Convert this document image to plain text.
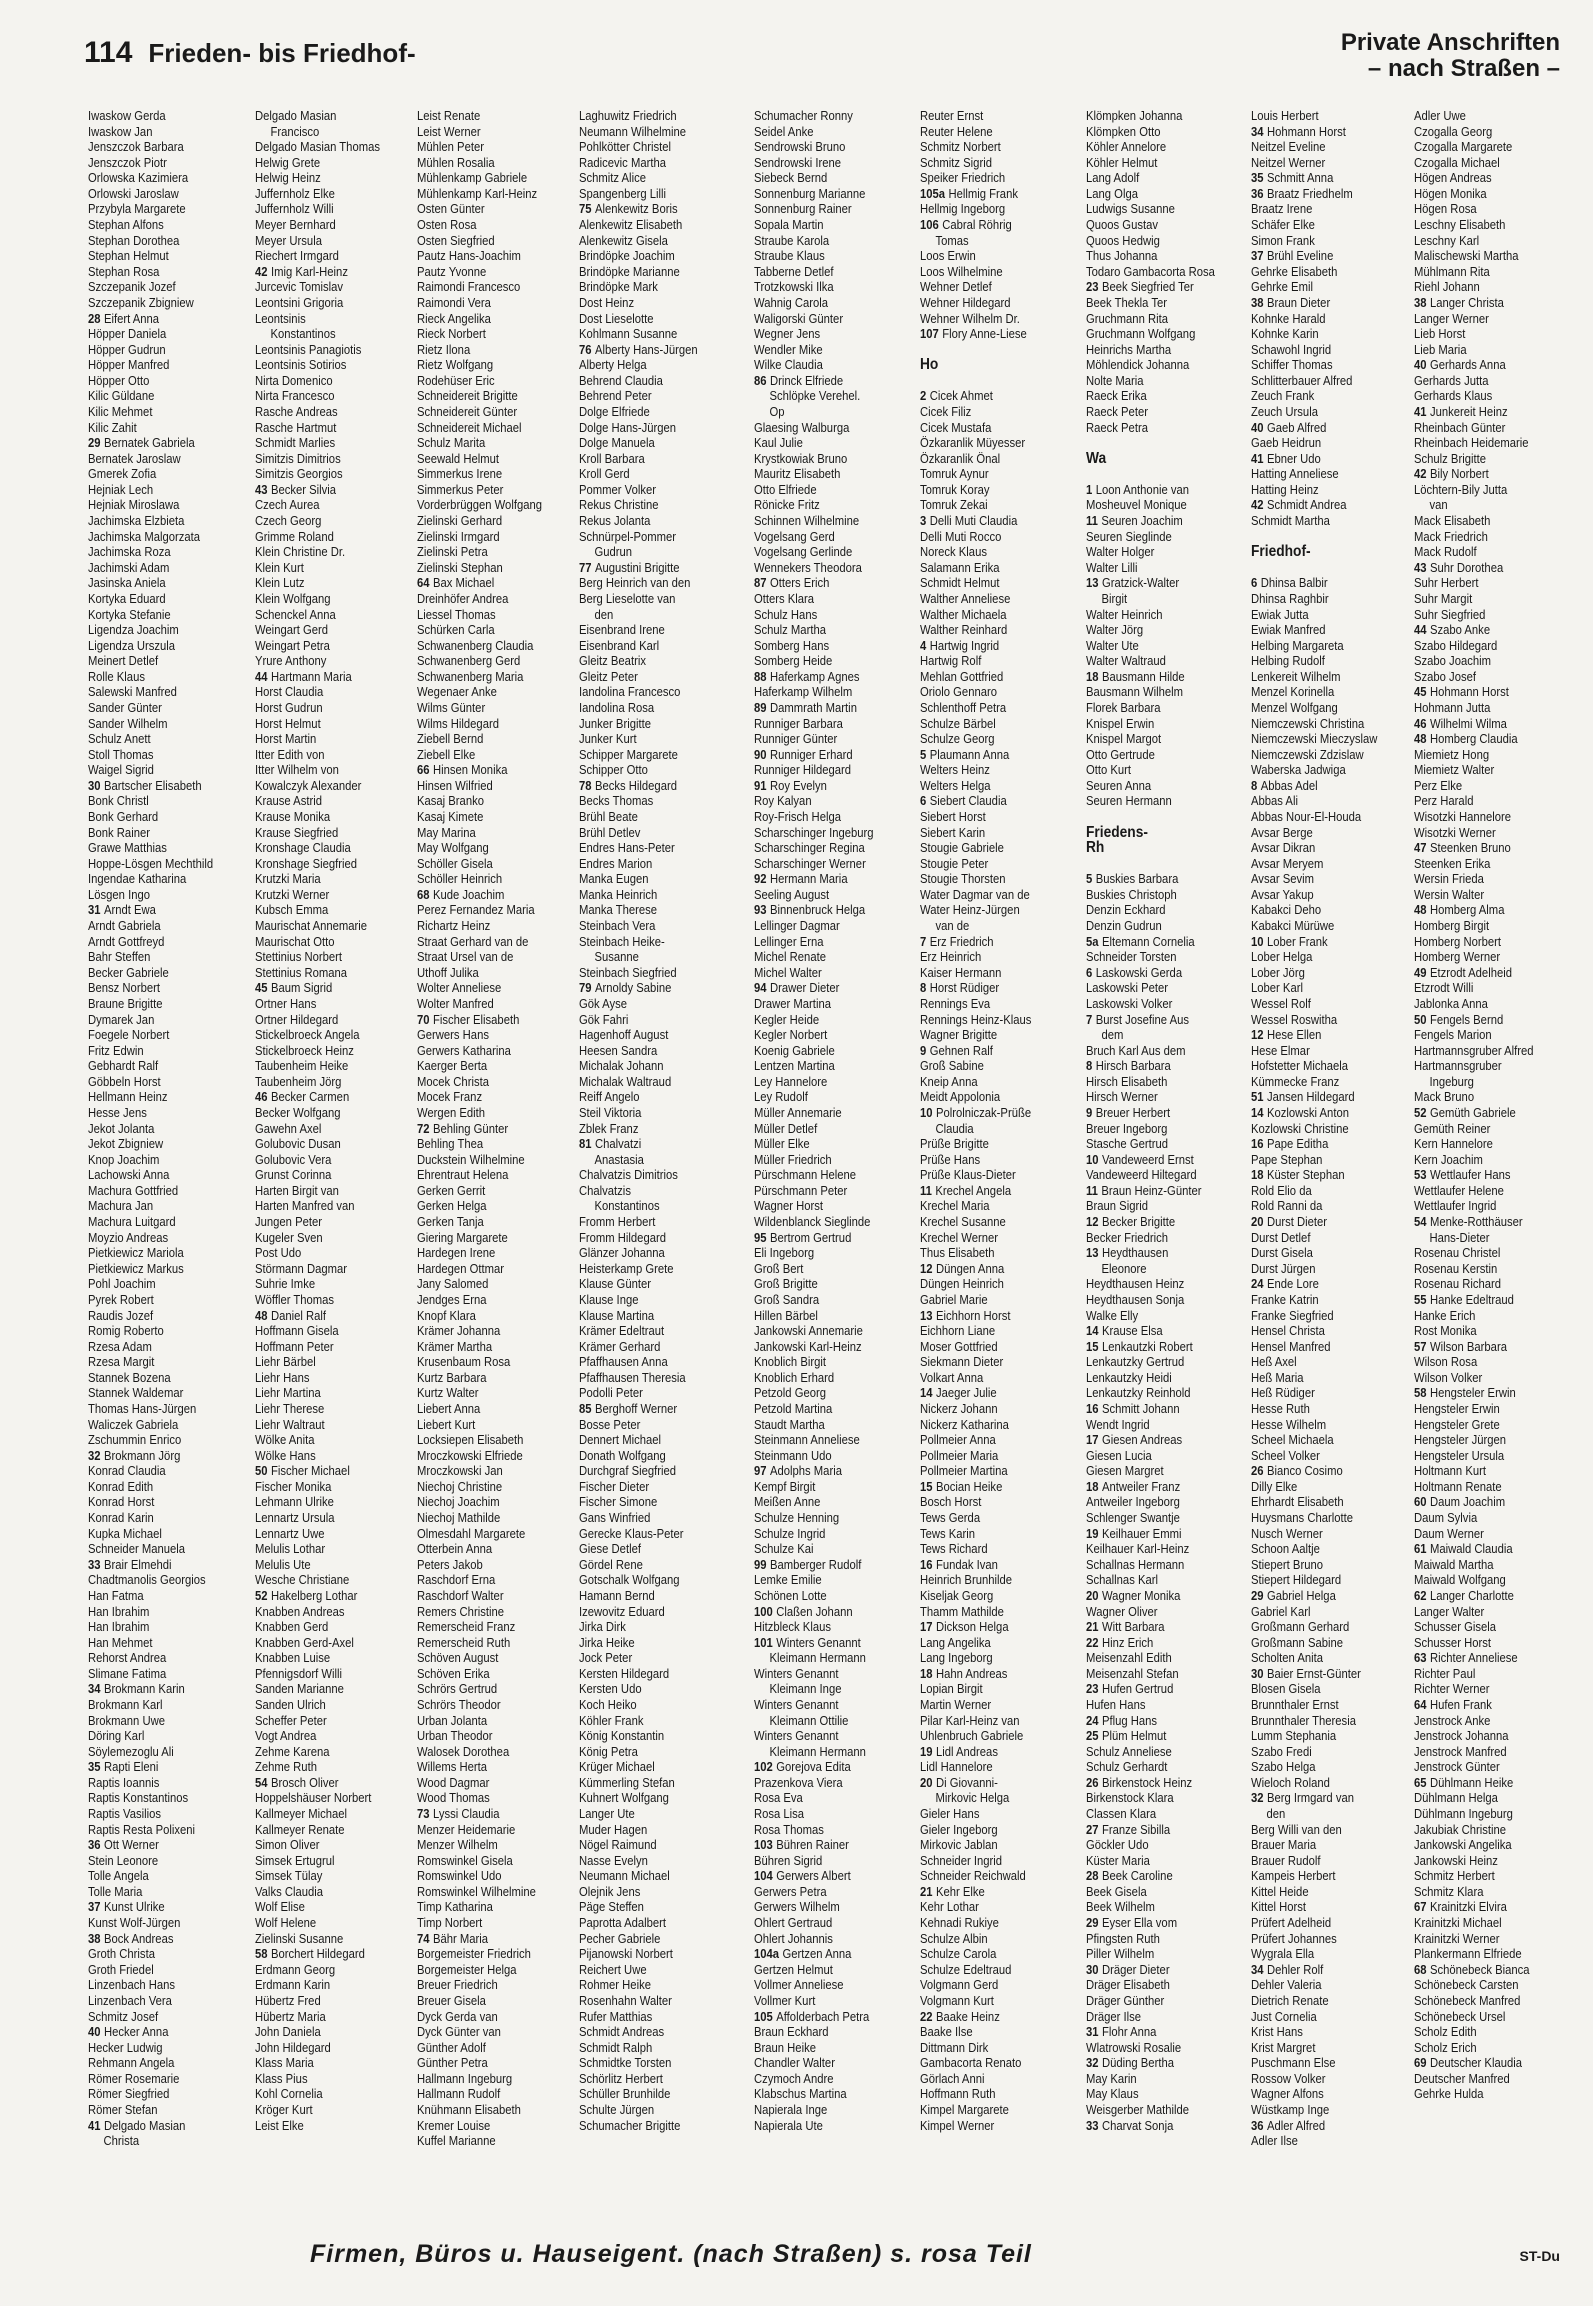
114 Frieden- bis Friedhof-	Private Anschriften
– nach Straßen –
Iwaskow Gerda
Iwaskow Jan
Jenszczok Barbara
Jenszczok Piotr
Orlowska Kazimiera
Orlowski Jaroslaw
Przybyla Margarete
Stephan Alfons
Stephan Dorothea
Stephan Helmut
Stephan Rosa
Szczepanik Jozef
Szczepanik Zbigniew
28 Eifert Anna
Höpper Daniela
Höpper Gudrun
Höpper Manfred
Höpper Otto
Kilic Güldane
Kilic Mehmet
Kilic Zahit
29 Bernatek Gabriela
Bernatek Jaroslaw
Gmerek Zofia
Hejniak Lech
Hejniak Miroslawa
Jachimska Elzbieta
Jachimska Malgorzata
Jachimska Roza
Jachimski Adam
Jasinska Aniela
Kortyka Eduard
Kortyka Stefanie
Ligendza Joachim
Ligendza Urszula
Meinert Detlef
Rolle Klaus
Salewski Manfred
Sander Günter
Sander Wilhelm
Schulz Anett
Stoll Thomas
Waigel Sigrid
30 Bartscher Elisabeth
Bonk Christl
Bonk Gerhard
Bonk Rainer
Grawe Matthias
Hoppe-Lösgen Mechthild
Ingendae Katharina
Lösgen Ingo
31 Arndt Ewa
Arndt Gabriela
Arndt Gottfreyd
Bahr Steffen
Becker Gabriele
Bensz Norbert
Braune Brigitte
Dymarek Jan
Foegele Norbert
Fritz Edwin
Gebhardt Ralf
Göbbeln Horst
Hellmann Heinz
Hesse Jens
Jekot Jolanta
Jekot Zbigniew
Knop Joachim
Lachowski Anna
Machura Gottfried
Machura Jan
Machura Luitgard
Moyzio Andreas
Pietkiewicz Mariola
Pietkiewicz Markus
Pohl Joachim
Pyrek Robert
Raudis Jozef
Romig Roberto
Rzesa Adam
Rzesa Margit
Stannek Bozena
Stannek Waldemar
Thomas Hans-Jürgen
Waliczek Gabriela
Zschummin Enrico
32 Brokmann Jörg
Konrad Claudia
Konrad Edith
Konrad Horst
Konrad Karin
Kupka Michael
Schneider Manuela
33 Brair Elmehdi
Chadtmanolis Georgios
Han Fatma
Han Ibrahim
Han Ibrahim
Han Mehmet
Rehorst Andrea
Slimane Fatima
34 Brokmann Karin
Brokmann Karl
Brokmann Uwe
Döring Karl
Söylemezoglu Ali
35 Rapti Eleni
Raptis Ioannis
Raptis Konstantinos
Raptis Vasilios
Raptis Resta Polixeni
36 Ott Werner
Stein Leonore
Tolle Angela
Tolle Maria
37 Kunst Ulrike
Kunst Wolf-Jürgen
38 Bock Andreas
Groth Christa
Groth Friedel
Linzenbach Hans
Linzenbach Vera
Schmitz Josef
40 Hecker Anna
Hecker Ludwig
Rehmann Angela
Römer Rosemarie
Römer Siegfried
Römer Stefan
41 Delgado Masian
Christa
Delgado Masian
Francisco
Delgado Masian Thomas
Helwig Grete
Helwig Heinz
Juffernholz Elke
Juffernholz Willi
Meyer Bernhard
Meyer Ursula
Riechert Irmgard
42 Imig Karl-Heinz
Jurcevic Tomislav
Leontsini Grigoria
Leontsinis
Konstantinos
Leontsinis Panagiotis
Leontsinis Sotirios
Nirta Domenico
Nirta Francesco
Rasche Andreas
Rasche Hartmut
Schmidt Marlies
Simitzis Dimitrios
Simitzis Georgios
43 Becker Silvia
Czech Aurea
Czech Georg
Grimme Roland
Klein Christine Dr.
Klein Kurt
Klein Lutz
Klein Wolfgang
Schenckel Anna
Weingart Gerd
Weingart Petra
Yrure Anthony
44 Hartmann Maria
Horst Claudia
Horst Gudrun
Horst Helmut
Horst Martin
Itter Edith von
Itter Wilhelm von
Kowalczyk Alexander
Krause Astrid
Krause Monika
Krause Siegfried
Kronshage Claudia
Kronshage Siegfried
Krutzki Maria
Krutzki Werner
Kubsch Emma
Maurischat Annemarie
Maurischat Otto
Stettinius Norbert
Stettinius Romana
45 Baum Sigrid
Ortner Hans
Ortner Hildegard
Stickelbroeck Angela
Stickelbroeck Heinz
Taubenheim Heike
Taubenheim Jörg
46 Becker Carmen
Becker Wolfgang
Gawehn Axel
Golubovic Dusan
Golubovic Vera
Grunst Corinna
Harten Birgit van
Harten Manfred van
Jungen Peter
Kugeler Sven
Post Udo
Störmann Dagmar
Suhrie Imke
Wöffler Thomas
48 Daniel Ralf
Hoffmann Gisela
Hoffmann Peter
Liehr Bärbel
Liehr Hans
Liehr Martina
Liehr Therese
Liehr Waltraut
Wölke Anita
Wölke Hans
50 Fischer Michael
Fischer Monika
Lehmann Ulrike
Lennartz Ursula
Lennartz Uwe
Melulis Lothar
Melulis Ute
Wesche Christiane
52 Hakelberg Lothar
Knabben Andreas
Knabben Gerd
Knabben Gerd-Axel
Knabben Luise
Pfennigsdorf Willi
Sanden Marianne
Sanden Ulrich
Scheffer Peter
Vogt Andrea
Zehme Karena
Zehme Ruth
54 Brosch Oliver
Hoppelshäuser Norbert
Kallmeyer Michael
Kallmeyer Renate
Simon Oliver
Simsek Ertugrul
Simsek Tülay
Valks Claudia
Wolf Elise
Wolf Helene
Zielinski Susanne
58 Borchert Hildegard
Erdmann Georg
Erdmann Karin
Hübertz Fred
Hübertz Maria
John Daniela
John Hildegard
Klass Maria
Klass Pius
Kohl Cornelia
Kröger Kurt
Leist Elke
Leist Renate
Leist Werner
Mühlen Peter
Mühlen Rosalia
Mühlenkamp Gabriele
Mühlenkamp Karl-Heinz
Osten Günter
Osten Rosa
Osten Siegfried
Pautz Hans-Joachim
Pautz Yvonne
Raimondi Francesco
Raimondi Vera
Rieck Angelika
Rieck Norbert
Rietz Ilona
Rietz Wolfgang
Rodehüser Eric
Schneidereit Brigitte
Schneidereit Günter
Schneidereit Michael
Schulz Marita
Seewald Helmut
Simmerkus Irene
Simmerkus Peter
Vorderbrüggen Wolfgang
Zielinski Gerhard
Zielinski Irmgard
Zielinski Petra
Zielinski Stephan
64 Bax Michael
Dreinhöfer Andrea
Liessel Thomas
Schürken Carla
Schwanenberg Claudia
Schwanenberg Gerd
Schwanenberg Maria
Wegenaer Anke
Wilms Günter
Wilms Hildegard
Ziebell Bernd
Ziebell Elke
66 Hinsen Monika
Hinsen Wilfried
Kasaj Branko
Kasaj Kimete
May Marina
May Wolfgang
Schöller Gisela
Schöller Heinrich
68 Kude Joachim
Perez Fernandez Maria
Richartz Heinz
Straat Gerhard van de
Straat Ursel van de
Uthoff Julika
Wolter Anneliese
Wolter Manfred
70 Fischer Elisabeth
Gerwers Hans
Gerwers Katharina
Kaerger Berta
Mocek Christa
Mocek Franz
Wergen Edith
72 Behling Günter
Behling Thea
Duckstein Wilhelmine
Ehrentraut Helena
Gerken Gerrit
Gerken Helga
Gerken Tanja
Giering Margarete
Hardegen Irene
Hardegen Ottmar
Jany Salomed
Jendges Erna
Knopf Klara
Krämer Johanna
Krämer Martha
Krusenbaum Rosa
Kurtz Barbara
Kurtz Walter
Liebert Anna
Liebert Kurt
Locksiepen Elisabeth
Mroczkowski Elfriede
Mroczkowski Jan
Niechoj Christine
Niechoj Joachim
Niechoj Mathilde
Olmesdahl Margarete
Otterbein Anna
Peters Jakob
Raschdorf Erna
Raschdorf Walter
Remers Christine
Remerscheid Franz
Remerscheid Ruth
Schöven August
Schöven Erika
Schrörs Gertrud
Schrörs Theodor
Urban Jolanta
Urban Theodor
Walosek Dorothea
Willems Herta
Wood Dagmar
Wood Thomas
73 Lyssi Claudia
Menzer Heidemarie
Menzer Wilhelm
Romswinkel Gisela
Romswinkel Udo
Romswinkel Wilhelmine
Timp Katharina
Timp Norbert
74 Bähr Maria
Borgemeister Friedrich
Borgemeister Helga
Breuer Friedrich
Breuer Gisela
Dyck Gerda van
Dyck Günter van
Günther Adolf
Günther Petra
Hallmann Ingeburg
Hallmann Rudolf
Knühmann Elisabeth
Kremer Louise
Kuffel Marianne
Laghuwitz Friedrich
Neumann Wilhelmine
Pohlkötter Christel
Radicevic Martha
Schmitz Alice
Spangenberg Lilli
75 Alenkewitz Boris
Alenkewitz Elisabeth
Alenkewitz Gisela
Brindöpke Joachim
Brindöpke Marianne
Brindöpke Mark
Dost Heinz
Dost Lieselotte
Kohlmann Susanne
76 Alberty Hans-Jürgen
Alberty Helga
Behrend Claudia
Behrend Peter
Dolge Elfriede
Dolge Hans-Jürgen
Dolge Manuela
Kroll Barbara
Kroll Gerd
Pommer Volker
Rekus Christine
Rekus Jolanta
Schnürpel-Pommer
Gudrun
77 Augustini Brigitte
Berg Heinrich van den
Berg Lieselotte van
den
Eisenbrand Irene
Eisenbrand Karl
Gleitz Beatrix
Gleitz Peter
Iandolina Francesco
Iandolina Rosa
Junker Brigitte
Junker Kurt
Schipper Margarete
Schipper Otto
78 Becks Hildegard
Becks Thomas
Brühl Beate
Brühl Detlev
Endres Hans-Peter
Endres Marion
Manka Eugen
Manka Heinrich
Manka Therese
Steinbach Vera
Steinbach Heike-
Susanne
Steinbach Siegfried
79 Arnoldy Sabine
Gök Ayse
Gök Fahri
Hagenhoff August
Heesen Sandra
Michalak Johann
Michalak Waltraud
Reiff Angelo
Steil Viktoria
Zblek Franz
81 Chalvatzi
Anastasia
Chalvatzis Dimitrios
Chalvatzis
Konstantinos
Fromm Herbert
Fromm Hildegard
Glänzer Johanna
Heisterkamp Grete
Klause Günter
Klause Inge
Klause Martina
Krämer Edeltraut
Krämer Gerhard
Pfaffhausen Anna
Pfaffhausen Theresia
Podolli Peter
85 Berghoff Werner
Bosse Peter
Dennert Michael
Donath Wolfgang
Durchgraf Siegfried
Fischer Dieter
Fischer Simone
Gans Winfried
Gerecke Klaus-Peter
Giese Detlef
Gördel Rene
Gotschalk Wolfgang
Hamann Bernd
Izewovitz Eduard
Jirka Dirk
Jirka Heike
Jock Peter
Kersten Hildegard
Kersten Udo
Koch Heiko
Köhler Frank
König Konstantin
König Petra
Krüger Michael
Kümmerling Stefan
Kuhnert Wolfgang
Langer Ute
Muder Hagen
Nögel Raimund
Nasse Evelyn
Neumann Michael
Olejnik Jens
Päge Steffen
Paprotta Adalbert
Pecher Gabriele
Pijanowski Norbert
Reichert Uwe
Rohmer Heike
Rosenhahn Walter
Rufer Matthias
Schmidt Andreas
Schmidt Ralph
Schmidtke Torsten
Schörlitz Herbert
Schüller Brunhilde
Schulte Jürgen
Schumacher Brigitte
Schumacher Ronny
Seidel Anke
Sendrowski Bruno
Sendrowski Irene
Siebeck Bernd
Sonnenburg Marianne
Sonnenburg Rainer
Sopala Martin
Straube Karola
Straube Klaus
Tabberne Detlef
Trotzkowski Ilka
Wahnig Carola
Waligorski Günter
Wegner Jens
Wendler Mike
Wilke Claudia
86 Drinck Elfriede
Schlöpke Verehel.
Op
Glaesing Walburga
Kaul Julie
Krystkowiak Bruno
Mauritz Elisabeth
Otto Elfriede
Rönicke Fritz
Schinnen Wilhelmine
Vogelsang Gerd
Vogelsang Gerlinde
Wennekers Theodora
87 Otters Erich
Otters Klara
Schulz Hans
Schulz Martha
Somberg Hans
Somberg Heide
88 Haferkamp Agnes
Haferkamp Wilhelm
89 Dammrath Martin
Runniger Barbara
Runniger Günter
90 Runniger Erhard
Runniger Hildegard
91 Roy Evelyn
Roy Kalyan
Roy-Frisch Helga
Scharschinger Ingeburg
Scharschinger Regina
Scharschinger Werner
92 Hermann Maria
Seeling August
93 Binnenbruck Helga
Lellinger Dagmar
Lellinger Erna
Michel Renate
Michel Walter
94 Drawer Dieter
Drawer Martina
Kegler Heide
Kegler Norbert
Koenig Gabriele
Lentzen Martina
Ley Hannelore
Ley Rudolf
Müller Annemarie
Müller Detlef
Müller Elke
Müller Friedrich
Pürschmann Helene
Pürschmann Peter
Wagner Horst
Wildenblanck Sieglinde
95 Bertrom Gertrud
Eli Ingeborg
Groß Bert
Groß Brigitte
Groß Sandra
Hillen Bärbel
Jankowski Annemarie
Jankowski Karl-Heinz
Knoblich Birgit
Knoblich Erhard
Petzold Georg
Petzold Martina
Staudt Martha
Steinmann Anneliese
Steinmann Udo
97 Adolphs Maria
Kempf Birgit
Meißen Anne
Schulze Henning
Schulze Ingrid
Schulze Kai
99 Bamberger Rudolf
Lemke Emilie
Schönen Lotte
100 Claßen Johann
Hitzbleck Klaus
101 Winters Genannt
Kleimann Hermann
Winters Genannt
Kleimann Inge
Winters Genannt
Kleimann Ottilie
Winters Genannt
Kleimann Hermann
102 Gorejova Edita
Prazenkova Viera
Rosa Eva
Rosa Lisa
Rosa Thomas
103 Bühren Rainer
Bühren Sigrid
104 Gerwers Albert
Gerwers Petra
Gerwers Wilhelm
Ohlert Gertraud
Ohlert Johannis
104a Gertzen Anna
Gertzen Helmut
Vollmer Anneliese
Vollmer Kurt
105 Affolderbach Petra
Braun Eckhard
Braun Heike
Chandler Walter
Czymoch Andre
Klabschus Martina
Napierala Inge
Napierala Ute
Reuter Ernst
Reuter Helene
Schmitz Norbert
Schmitz Sigrid
Speiker Friedrich
105a Hellmig Frank
Hellmig Ingeborg
106 Cabral Röhrig
Tomas
Loos Erwin
Loos Wilhelmine
Wehner Detlef
Wehner Hildegard
Wehner Wilhelm Dr.
107 Flory Anne-Liese
Ho
2 Cicek Ahmet
Cicek Filiz
Cicek Mustafa
Özkaranlik Müyesser
Özkaranlik Önal
Tomruk Aynur
Tomruk Koray
Tomruk Zekai
3 Delli Muti Claudia
Delli Muti Rocco
Noreck Klaus
Salamann Erika
Schmidt Helmut
Walther Anneliese
Walther Michaela
Walther Reinhard
4 Hartwig Ingrid
Hartwig Rolf
Mehlan Gottfried
Oriolo Gennaro
Schlenthoff Petra
Schulze Bärbel
Schulze Georg
5 Plaumann Anna
Welters Heinz
Welters Helga
6 Siebert Claudia
Siebert Horst
Siebert Karin
Stougie Gabriele
Stougie Peter
Stougie Thorsten
Water Dagmar van de
Water Heinz-Jürgen
van de
7 Erz Friedrich
Erz Heinrich
Kaiser Hermann
8 Horst Rüdiger
Rennings Eva
Rennings Heinz-Klaus
Wagner Brigitte
9 Gehnen Ralf
Groß Sabine
Kneip Anna
Meidt Appolonia
10 Polrolniczak-Prüße
Claudia
Prüße Brigitte
Prüße Hans
Prüße Klaus-Dieter
11 Krechel Angela
Krechel Maria
Krechel Susanne
Krechel Werner
Thus Elisabeth
12 Düngen Anna
Düngen Heinrich
Gabriel Marie
13 Eichhorn Horst
Eichhorn Liane
Moser Gottfried
Siekmann Dieter
Volkart Anna
14 Jaeger Julie
Nickerz Johann
Nickerz Katharina
Pollmeier Anna
Pollmeier Maria
Pollmeier Martina
15 Bocian Heike
Bosch Horst
Tews Gerda
Tews Karin
Tews Richard
16 Fundak Ivan
Heinrich Brunhilde
Kiseljak Georg
Thamm Mathilde
17 Dickson Helga
Lang Angelika
Lang Ingeborg
18 Hahn Andreas
Lopian Birgit
Martin Werner
Pilar Karl-Heinz van
Uhlenbruch Gabriele
19 Lidl Andreas
Lidl Hannelore
20 Di Giovanni-
Mirkovic Helga
Gieler Hans
Gieler Ingeborg
Mirkovic Jablan
Schneider Ingrid
Schneider Reichwald
21 Kehr Elke
Kehr Lothar
Kehnadi Rukiye
Schulze Albin
Schulze Carola
Schulze Edeltraud
Volgmann Gerd
Volgmann Kurt
22 Baake Heinz
Baake Ilse
Dittmann Dirk
Gambacorta Renato
Görlach Anni
Hoffmann Ruth
Kimpel Margarete
Kimpel Werner
Klömpken Johanna
Klömpken Otto
Köhler Annelore
Köhler Helmut
Lang Adolf
Lang Olga
Ludwigs Susanne
Quoos Gustav
Quoos Hedwig
Thus Johanna
Todaro Gambacorta Rosa
23 Beek Siegfried Ter
Beek Thekla Ter
Gruchmann Rita
Gruchmann Wolfgang
Heinrichs Martha
Möhlendick Johanna
Nolte Maria
Raeck Erika
Raeck Peter
Raeck Petra
Wa
1 Loon Anthonie van
Mosheuvel Monique
11 Seuren Joachim
Seuren Sieglinde
Walter Holger
Walter Lilli
13 Gratzick-Walter
Birgit
Walter Heinrich
Walter Jörg
Walter Ute
Walter Waltraud
18 Bausmann Hilde
Bausmann Wilhelm
Florek Barbara
Knispel Erwin
Knispel Margot
Otto Gertrude
Otto Kurt
Seuren Anna
Seuren Hermann
Friedens-
Rh
5 Buskies Barbara
Buskies Christoph
Denzin Eckhard
Denzin Gudrun
5a Eltemann Cornelia
Schneider Torsten
6 Laskowski Gerda
Laskowski Peter
Laskowski Volker
7 Burst Josefine Aus
dem
Bruch Karl Aus dem
8 Hirsch Barbara
Hirsch Elisabeth
Hirsch Werner
9 Breuer Herbert
Breuer Ingeborg
Stasche Gertrud
10 Vandeweerd Ernst
Vandeweerd Hiltegard
11 Braun Heinz-Günter
Braun Sigrid
12 Becker Brigitte
Becker Friedrich
13 Heydthausen
Eleonore
Heydthausen Heinz
Heydthausen Sonja
Walke Elly
14 Krause Elsa
15 Lenkautzki Robert
Lenkautzky Gertrud
Lenkautzky Heidi
Lenkautzky Reinhold
16 Schmitt Johann
Wendt Ingrid
17 Giesen Andreas
Giesen Lucia
Giesen Margret
18 Antweiler Franz
Antweiler Ingeborg
Schlenger Swantje
19 Keilhauer Emmi
Keilhauer Karl-Heinz
Schallnas Hermann
Schallnas Karl
20 Wagner Monika
Wagner Oliver
21 Witt Barbara
22 Hinz Erich
Meisenzahl Edith
Meisenzahl Stefan
23 Hufen Gertrud
Hufen Hans
24 Pflug Hans
25 Plüm Helmut
Schulz Anneliese
Schulz Gerhardt
26 Birkenstock Heinz
Birkenstock Klara
Classen Klara
27 Franze Sibilla
Göckler Udo
Küster Maria
28 Beek Caroline
Beek Gisela
Beek Wilhelm
29 Eyser Ella vom
Pfingsten Ruth
Piller Wilhelm
30 Dräger Dieter
Dräger Elisabeth
Dräger Günther
Dräger Ilse
31 Flohr Anna
Wlatrowski Rosalie
32 Düding Bertha
May Karin
May Klaus
Weisgerber Mathilde
33 Charvat Sonja
Louis Herbert
34 Hohmann Horst
Neitzel Eveline
Neitzel Werner
35 Schmitt Anna
36 Braatz Friedhelm
Braatz Irene
Schäfer Elke
Simon Frank
37 Brühl Eveline
Gehrke Elisabeth
Gehrke Emil
38 Braun Dieter
Kohnke Harald
Kohnke Karin
Schawohl Ingrid
Schiffer Thomas
Schlitterbauer Alfred
Zeuch Frank
Zeuch Ursula
40 Gaeb Alfred
Gaeb Heidrun
41 Ebner Udo
Hatting Anneliese
Hatting Heinz
42 Schmidt Andrea
Schmidt Martha
Friedhof-
6 Dhinsa Balbir
Dhinsa Raghbir
Ewiak Jutta
Ewiak Manfred
Helbing Margareta
Helbing Rudolf
Lenkereit Wilhelm
Menzel Korinella
Menzel Wolfgang
Niemczewski Christina
Niemczewski Mieczyslaw
Niemczewski Zdzislaw
Waberska Jadwiga
8 Abbas Adel
Abbas Ali
Abbas Nour-El-Houda
Avsar Berge
Avsar Dikran
Avsar Meryem
Avsar Sevim
Avsar Yakup
Kabakci Deho
Kabakci Mürüwe
10 Lober Frank
Lober Helga
Lober Jörg
Lober Karl
Wessel Rolf
Wessel Roswitha
12 Hese Ellen
Hese Elmar
Hofstetter Michaela
Kümmecke Franz
51 Jansen Hildegard
14 Kozlowski Anton
Kozlowski Christine
16 Pape Editha
Pape Stephan
18 Küster Stephan
Rold Elio da
Rold Ranni da
20 Durst Dieter
Durst Detlef
Durst Gisela
Durst Jürgen
24 Ende Lore
Franke Katrin
Franke Siegfried
Hensel Christa
Hensel Manfred
Heß Axel
Heß Maria
Heß Rüdiger
Hesse Ruth
Hesse Wilhelm
Scheel Michaela
Scheel Volker
26 Bianco Cosimo
Dilly Elke
Ehrhardt Elisabeth
Huysmans Charlotte
Nusch Werner
Schoon Aaltje
Stiepert Bruno
Stiepert Hildegard
29 Gabriel Helga
Gabriel Karl
Großmann Gerhard
Großmann Sabine
Scholten Anita
30 Baier Ernst-Günter
Blosen Gisela
Brunnthaler Ernst
Brunnthaler Theresia
Lumm Stephania
Szabo Fredi
Szabo Helga
Wieloch Roland
32 Berg Irmgard van
den
Berg Willi van den
Brauer Maria
Brauer Rudolf
Kampeis Herbert
Kittel Heide
Kittel Horst
Prüfert Adelheid
Prüfert Johannes
Wygrala Ella
34 Dehler Rolf
Dehler Valeria
Dietrich Renate
Just Cornelia
Krist Hans
Krist Margret
Puschmann Else
Rossow Volker
Wagner Alfons
Wüstkamp Inge
36 Adler Alfred
Adler Ilse
Adler Uwe
Czogalla Georg
Czogalla Margarete
Czogalla Michael
Högen Andreas
Högen Monika
Högen Rosa
Leschny Elisabeth
Leschny Karl
Malischewski Martha
Mühlmann Rita
Riehl Johann
38 Langer Christa
Langer Werner
Lieb Horst
Lieb Maria
40 Gerhards Anna
Gerhards Jutta
Gerhards Klaus
41 Junkereit Heinz
Rheinbach Günter
Rheinbach Heidemarie
Schulz Brigitte
42 Bily Norbert
Löchtern-Bily Jutta
van
Mack Elisabeth
Mack Friedrich
Mack Rudolf
43 Suhr Dorothea
Suhr Herbert
Suhr Margit
Suhr Siegfried
44 Szabo Anke
Szabo Hildegard
Szabo Joachim
Szabo Josef
45 Hohmann Horst
Hohmann Jutta
46 Wilhelmi Wilma
48 Homberg Claudia
Miemietz Hong
Miemietz Walter
Perz Elke
Perz Harald
Wisotzki Hannelore
Wisotzki Werner
47 Steenken Bruno
Steenken Erika
Wersin Frieda
Wersin Walter
48 Homberg Alma
Homberg Birgit
Homberg Norbert
Homberg Werner
49 Etzrodt Adelheid
Etzrodt Willi
Jablonka Anna
50 Fengels Bernd
Fengels Marion
Hartmannsgruber Alfred
Hartmannsgruber
Ingeburg
Mack Bruno
52 Gemüth Gabriele
Gemüth Reiner
Kern Hannelore
Kern Joachim
53 Wettlaufer Hans
Wettlaufer Helene
Wettlaufer Ingrid
54 Menke-Rotthäuser
Hans-Dieter
Rosenau Christel
Rosenau Kerstin
Rosenau Richard
55 Hanke Edeltraud
Hanke Erich
Rost Monika
57 Wilson Barbara
Wilson Rosa
Wilson Volker
58 Hengsteler Erwin
Hengsteler Erwin
Hengsteler Grete
Hengsteler Jürgen
Hengsteler Ursula
Holtmann Kurt
Holtmann Renate
60 Daum Joachim
Daum Sylvia
Daum Werner
61 Maiwald Claudia
Maiwald Martha
Maiwald Wolfgang
62 Langer Charlotte
Langer Walter
Schusser Gisela
Schusser Horst
63 Richter Anneliese
Richter Paul
Richter Werner
64 Hufen Frank
Jenstrock Anke
Jenstrock Johanna
Jenstrock Manfred
Jenstrock Günter
65 Dühlmann Heike
Dühlmann Helga
Dühlmann Ingeburg
Jakubiak Christine
Jankowski Angelika
Jankowski Heinz
Schmitz Herbert
Schmitz Klara
67 Krainitzki Elvira
Krainitzki Michael
Krainitzki Werner
Plankermann Elfriede
68 Schönebeck Bianca
Schönebeck Carsten
Schönebeck Manfred
Schönebeck Ursel
Scholz Edith
Scholz Erich
69 Deutscher Klaudia
Deutscher Manfred
Gehrke Hulda
Firmen, Büros u. Hauseigent. (nach Straßen) s. rosa Teil	ST-Du
